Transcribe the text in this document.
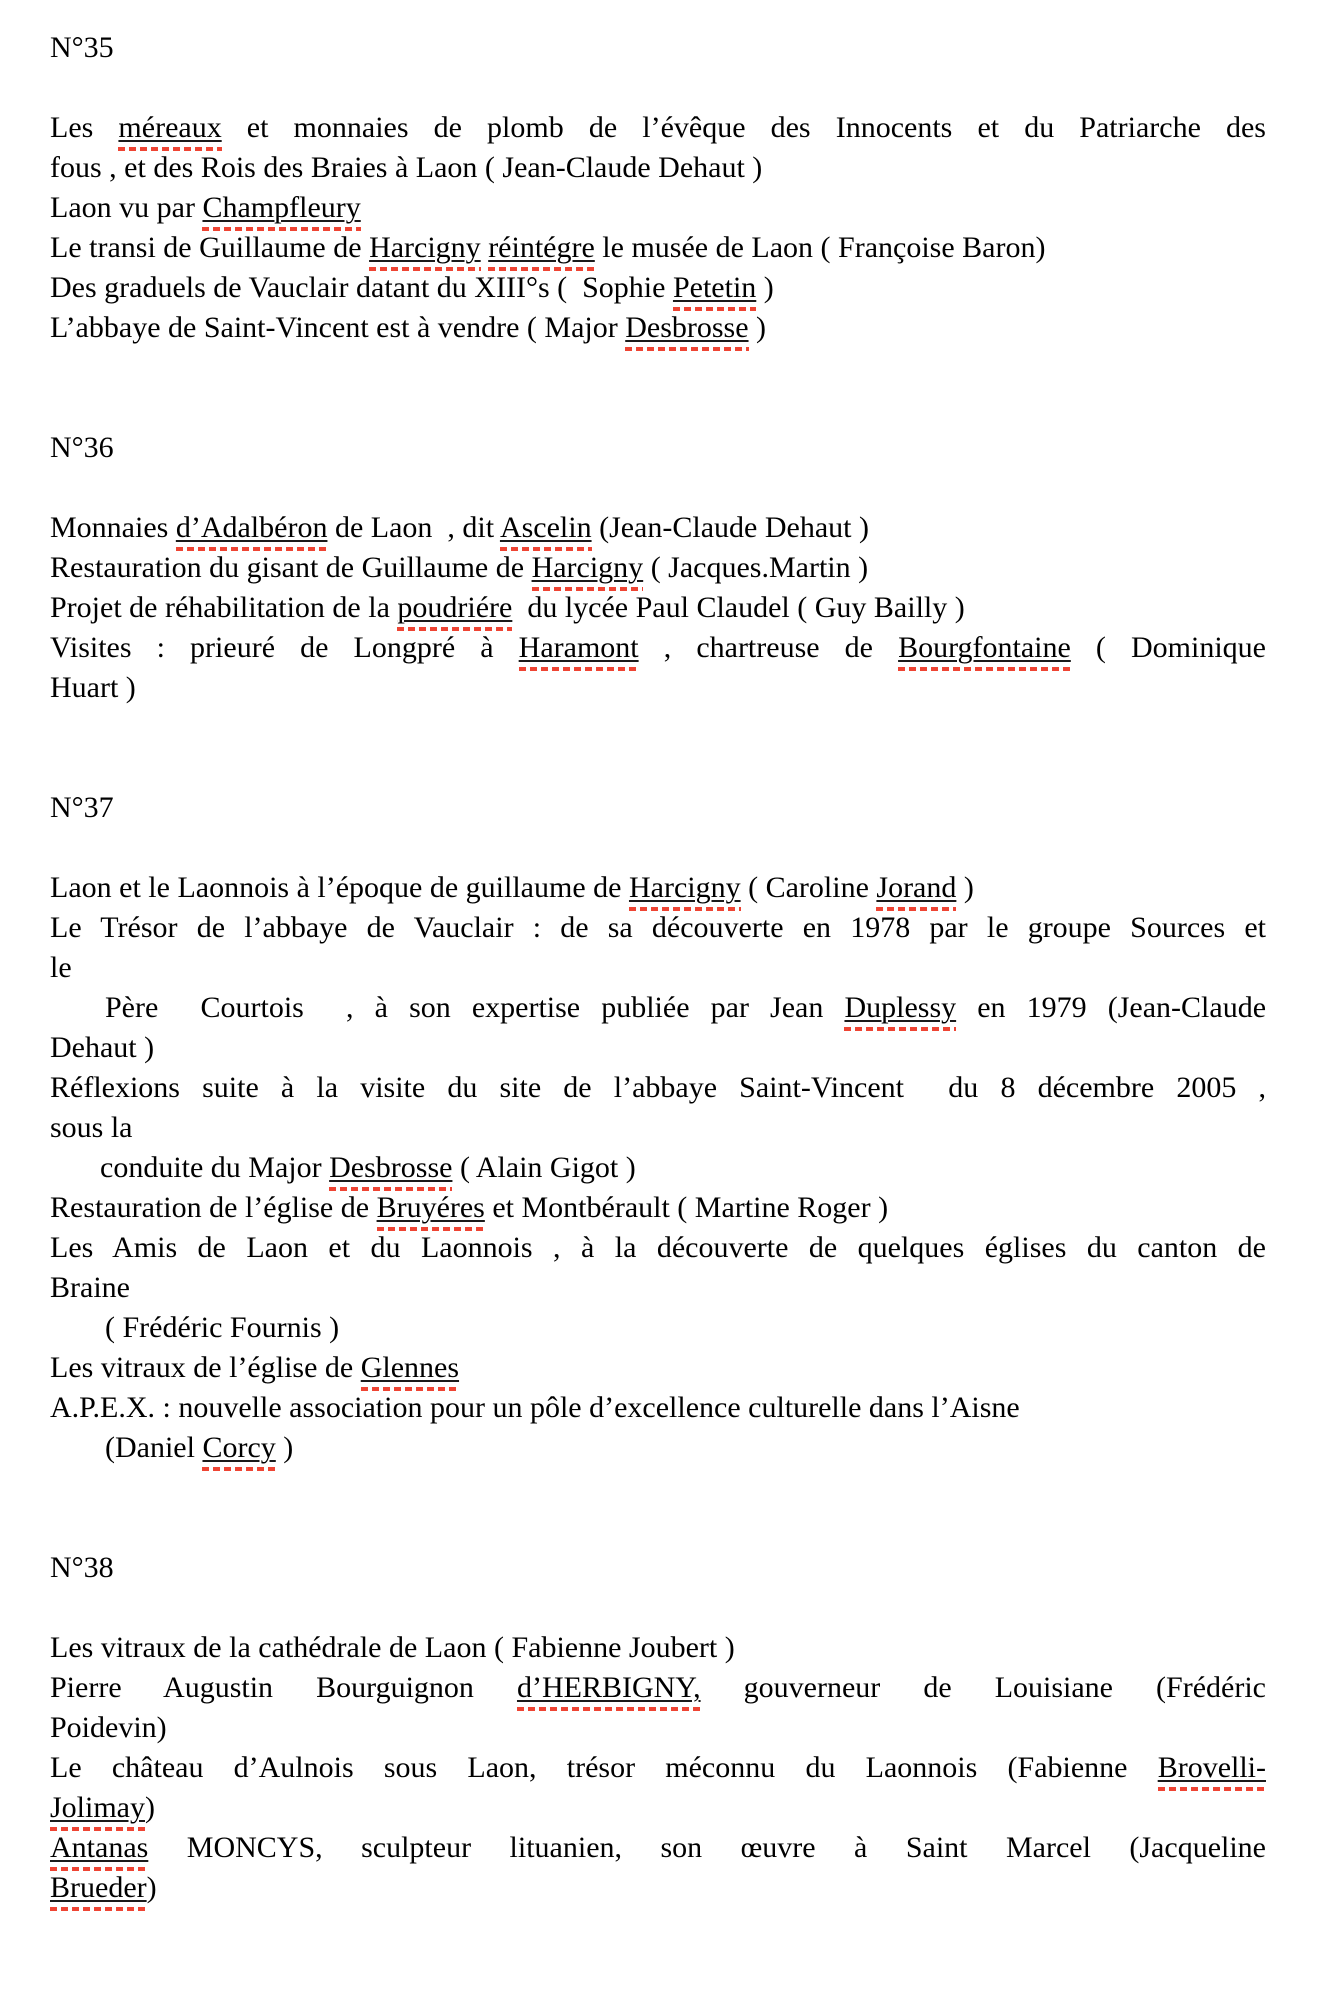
N°35
Les méreaux et monnaies de plomb de l’évêque des Innocents et du Patriarche des
fous , et des Rois des Braies à Laon ( Jean-Claude Dehaut )
Laon vu par Champfleury
Le transi de Guillaume de Harcigny réintégre le musée de Laon ( Françoise Baron)
Des graduels de Vauclair datant du XIII°s (  Sophie Petetin )
L’abbaye de Saint-Vincent est à vendre ( Major Desbrosse )
N°36
Monnaies d’Adalbéron de Laon  , dit Ascelin (Jean-Claude Dehaut )
Restauration du gisant de Guillaume de Harcigny ( Jacques.Martin )
Projet de réhabilitation de la poudriére  du lycée Paul Claudel ( Guy Bailly )
Visites : prieuré de Longpré à Haramont , chartreuse de Bourgfontaine ( Dominique
Huart )
N°37
Laon et le Laonnois à l’époque de guillaume de Harcigny ( Caroline Jorand )
Le Trésor de l’abbaye de Vauclair : de sa découverte en 1978 par le groupe Sources et
le
Père  Courtois  , à son expertise publiée par Jean Duplessy en 1979 (Jean-Claude
Dehaut )
Réflexions suite à la visite du site de l’abbaye Saint-Vincent  du 8 décembre 2005 ,
sous la
conduite du Major Desbrosse ( Alain Gigot )
Restauration de l’église de Bruyéres et Montbérault ( Martine Roger )
Les Amis de Laon et du Laonnois , à la découverte de quelques églises du canton de
Braine
( Frédéric Fournis )
Les vitraux de l’église de Glennes
A.P.E.X. : nouvelle association pour un pôle d’excellence culturelle dans l’Aisne
(Daniel Corcy )
N°38
Les vitraux de la cathédrale de Laon ( Fabienne Joubert )
Pierre Augustin Bourguignon d’HERBIGNY, gouverneur de Louisiane (Frédéric
Poidevin)
Le château d’Aulnois sous Laon, trésor méconnu du Laonnois (Fabienne Brovelli-
Jolimay)
Antanas MONCYS, sculpteur lituanien, son œuvre à Saint Marcel (Jacqueline
Brueder)
